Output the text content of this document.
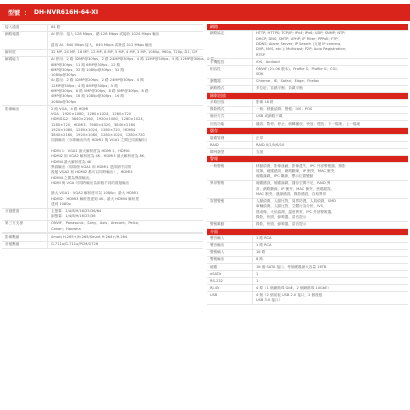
型號 ： DH-NVR616H-64-XI
接入通道	64 路
網路頻寬	AI 停用：接入 128 Mbps，總 128 Mbps 或接收 1024 Mbps 輸出

啟用 AI：640 Mbps 接入，640 Mbps 或發送 512 Mbps 輸出
解析度	32 MP, 24 MP, 16 MP, 12 MP, 8 MP, 5 MP, 4 MP, 3 MP, 1080p, 960p, 720p, D1, CIF
解碼能力	AI 停用：2 路 32MP@30fps；2 路 24MP@30fps；4 路 12MP@30fps；5 路 12MP@30fps；8 路
8MP@30fps；11 路 6MP@30fps；12 路
6MP@30fps；32 路 1080p@30fps；32 路
1080p@30fps
AI 啟用：2 路 32MP@20fps；2 路 24MP@30fps；4 路
12MP@30fps；4 路 8MP@30fps；5 路
6MP@30fps；8 路 5MP@30fps；8 路 5MP@30fps；8 路
4MP@30fps；16 路 1080p@30fps；16 路
1080p@30fps
影像輸出	2 路 VGA，4 路 HDMI
VGA：1920×1080，1280×1024，1280×720
HDMI1&2：3840×2160，1920×1080，1280×1024，
1280×720，HDMI3：7680×4320，3840×2160
1920×1080，1280×1024，1280×720，HDMI4
3840×2160，1920×1080，1280×1024，1280×720
同源輸出（亦即輸出所有 HDMI1 與 VGA1 之間已同源輸出）

HDMI 1：VGA1 最大解析度為 HDMI 1；HDMI1
HDMI2 和 VGA2 解析度為 4K；HDMI3 最大解析度為 8K；
HDMI4 最大解析度為 4K
異源輸出（即兩個 VGA1 和 HDMI1 是兩個不同的
視頻 VGA2 和 HDMI2 都可以同時輸出），HDMI3
HDMI4 之間為異源輸出。
HDMI 與 VGA 可同時輸出為兩個不同的視頻輸出

最大 VGA1：VGA2 解析度可以 1080p；最大 HDMI1
HDMI2：HDMI3 解析度達到 4K；最大 HDMI4 解析度
達到 1080p
分割畫面	主螢幕：1/4/8/9/16/25/36/64
副螢幕：1/4/8/9/16/25/36
第三方支援	ONVIF；Panasonic；Sony；Axis；Arecont；Pelco；
Canon；Hanwha
影像壓縮	Smart H.265+/H.265/Smart H.264+/H.264
音頻壓縮	G.711a/G.711u/PCM/G726
網路
網路協定	HTTP; HTTPS; TCP/IP; IPv4; IPv6; UDP; SNMP; NTP;
DHCP; DNS; SMTP; UPnP; IP Filter; PPPoE; FTP;
DDNS; Alarm Server; IP Search (支援 IP camera,
DVR, NVS, etc.); Multicast; P2P; Auto Registration;
RTSP
手機監控	iOS；Android
相容性	ONVIF (21.06 版本)；Profile S；Profile G；CGI；
SDK
瀏覽器	Chrome；IE；Safari；Edge；Firefox
網路模式	多位址；容錯平衡；負載平衡
錄影回放
多路回放	影像 16 路
錄影模式	一般；移動偵測；警報；IVS；POS
備份方式	USB 或網路下載
回放功能	播放；暫停；停止；倒轉播放；快放；慢放；下一檔案；上一檔案
儲存
磁碟管理	正常
RAID	RAID 0/1/5/6/10
陣列類型	支援
警報
一般警報	移動偵測，影像遮蔽，影像遺失，IPC 外部警報器，錄影
故障，硬碟錯誤，網路斷線，IP 衝突，MAC 衝突，
硬碟滿載，IPC 離線，標示位置變動
異常警報	硬碟錯誤，硬碟滿載，儲存空間不足，RAID 異
常，網路斷線，IP 衝突，MAC 衝突，密碼錯誤，
MAC 衝突，連線錯誤，錄影錯誤，存取異常
智慧警報	人臉偵測，人臉比對，周界防護，人員偵測，SMD
車輛偵測，人臉比對，立體行為分析，IVS，
熱成像，火焰偵測，溫度異常，IPC 外部警報器，
錄影，快照，蜂鳴器，語音提示
警報聯動	錄影，快照，蜂鳴器，語音提示
介面
聲音輸入	1 路 RCA
聲音輸出	1 路 RCA
警報輸入	16 路
警報輸出	8 路
硬碟	16 個 SATA 接口，每個硬碟最大容量 16TB
eSATA	1
RS-232	1
RJ-45	4 埠（1 個網路埠 GbE，2 個網路埠 10GbE）
USB	4 個（2 個前板 USB 2.0 接口，2 個後板
USB 3.0 接口）
